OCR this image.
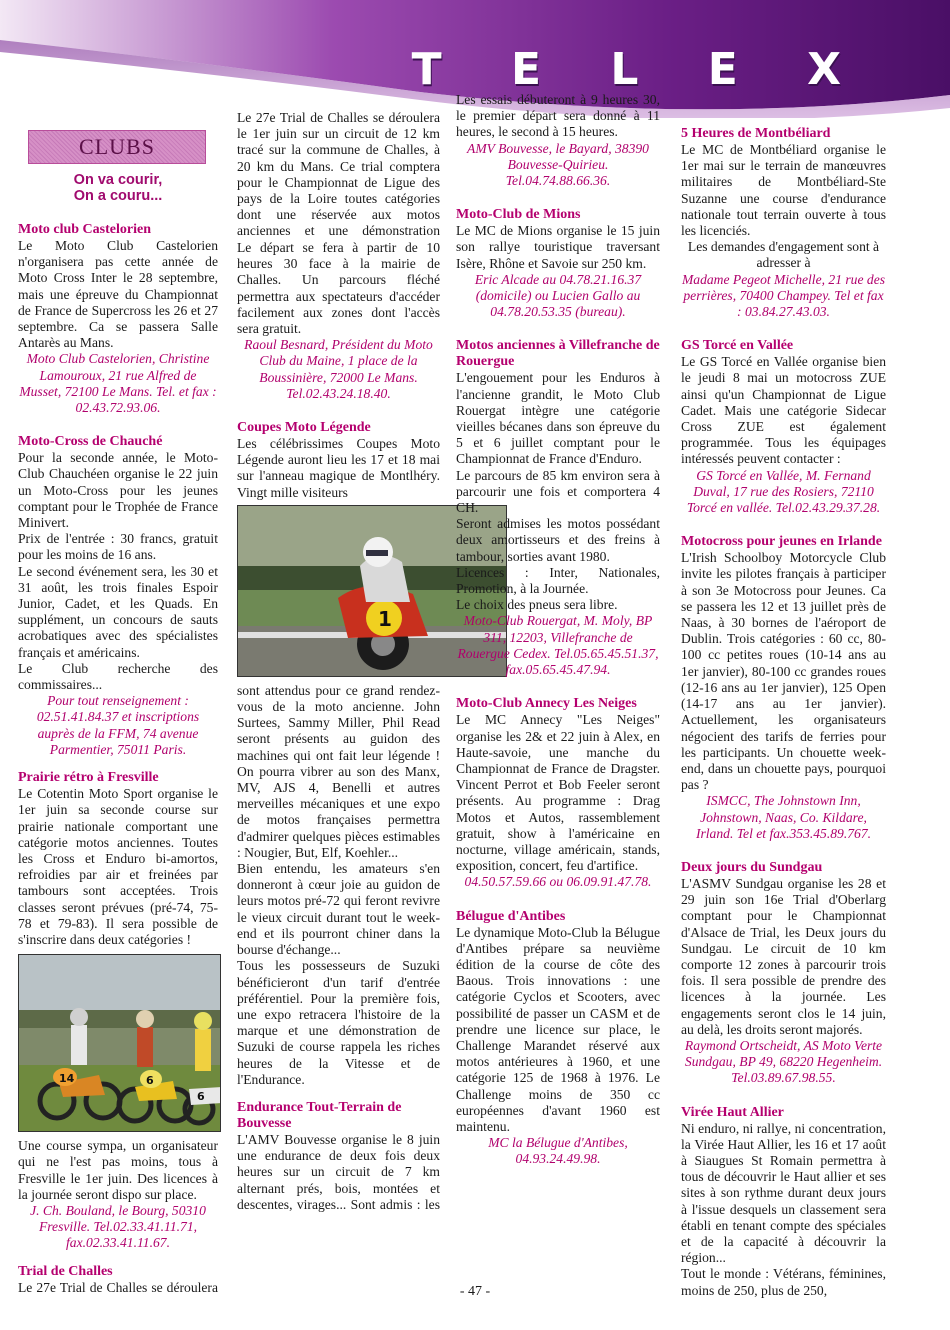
T E L E X
CLUBS
On va courir,
On a couru...
Moto club Castelorien

Le Moto Club Castelorien n'organisera pas cette année de Moto Cross Inter le 28 septembre, mais une épreuve du Championnat de France de Supercross les 26 et 27 septembre. Ca se passera Salle Antarès au Mans.

Moto Club Castelorien, Christine Lamouroux, 21 rue Alfred de Musset, 72100 Le Mans. Tel. et fax : 02.43.72.93.06.

Moto-Cross de Chauché

Pour la seconde année, le Moto-Club Chauchéen organise le 22 juin un Moto-Cross pour les jeunes comptant pour le Trophée de France Minivert.

Prix de l'entrée : 30 francs, gratuit pour les moins de 16 ans.

Le second événement sera, les 30 et 31 août, les trois finales Espoir Junior, Cadet, et les Quads. En supplément, un concours de sauts acrobatiques avec des spécialistes français et américains.

Le Club recherche des commissaires...

Pour tout renseignement : 02.51.41.84.37 et inscriptions auprès de la FFM, 74 avenue Parmentier, 75011 Paris.

Prairie rétro à Fresville

Le Cotentin Moto Sport organise le 1er juin sa seconde course sur prairie nationale comportant une catégorie motos anciennes. Toutes les Cross et Enduro bi-amortos, refroidies par air et freinées par tambours sont acceptées. Trois classes seront prévues (pré-74, 75-78 et 79-83). Il sera possible de s'inscrire dans deux catégories !

14	6
6

Une course sympa, un organisateur qui ne l'est pas moins, tous à Fresville le 1er juin. Des licences à la journée seront dispo sur place.

J. Ch. Bouland, le Bourg, 50310 Fresville. Tel.02.33.41.11.71, fax.02.33.41.11.67.

Trial de Challes

Le 27e Trial de Challes se déroulera

Le 27e Trial de Challes se déroulera le 1er juin sur un circuit de 12 km tracé sur la commune de Challes, à 20 km du Mans. Ce trial comptera pour le Championnat de Ligue des pays de la Loire toutes catégories dont une réservée aux motos anciennes et une démonstration

Le départ se fera à partir de 10 heures 30 face à la mairie de Challes. Un parcours fléché permettra aux spectateurs d'accéder facilement aux zones dont l'accès sera gratuit.

Raoul Besnard, Président du Moto Club du Maine, 1 place de la Boussinière, 72000 Le Mans. Tel.02.43.24.18.40.

Coupes Moto Légende

Les célébrissimes Coupes Moto Légende auront lieu les 17 et 18 mai sur l'anneau magique de Montlhéry. Vingt mille visiteurs

1

sont attendus pour ce grand rendez-vous de la moto ancienne. John Surtees, Sammy Miller, Phil Read seront présents au guidon des machines qui ont fait leur légende ! On pourra vibrer au son des Manx, MV, AJS 4, Benelli et autres merveilles mécaniques et une expo de motos françaises permettra d'admirer quelques pièces estimables : Nougier, But, Elf, Koehler...

Bien entendu, les amateurs s'en donneront à cœur joie au guidon de leurs motos pré-72 qui feront revivre le vieux circuit durant tout le week-end et ils pourront chiner dans la bourse d'échange...

Tous les possesseurs de Suzuki bénéficieront d'un tarif d'entrée préférentiel. Pour la première fois, une expo retracera l'histoire de la marque et une démonstration de Suzuki de course rappela les riches heures de la Vitesse et de l'Endurance.

Endurance Tout-Terrain de Bouvesse

L'AMV Bouvesse organise le 8 juin une endurance de deux fois deux heures sur un circuit de 7 km alternant prés, bois, montées et descentes, virages... Sont admis : les

Les essais débuteront à 9 heures 30, le premier départ sera donné à 11 heures, le second à 15 heures.

AMV Bouvesse, le Bayard, 38390 Bouvesse-Quirieu. Tel.04.74.88.66.36.

Moto-Club de Mions

Le MC de Mions organise le 15 juin son rallye touristique traversant Isère, Rhône et Savoie sur 250 km.

Eric Alcade au 04.78.21.16.37 (domicile) ou Lucien Gallo au 04.78.20.53.35 (bureau).

Motos anciennes à Villefranche de Rouergue

L'engouement pour les Enduros à l'ancienne grandit, le Moto Club Rouergat intègre une catégorie vieilles bécanes dans son épreuve du 5 et 6 juillet comptant pour le Championnat de France d'Enduro.

Le parcours de 85 km environ sera à parcourir une fois et comportera 4 CH.

Seront admises les motos possédant deux amortisseurs et des freins à tambour, sorties avant 1980.

Licences : Inter, Nationales, Promotion, à la Journée.

Le choix des pneus sera libre.

Moto-Club Rouergat, M. Moly, BP 311, 12203, Villefranche de Rouergue Cedex. Tel.05.65.45.51.37, fax.05.65.45.47.94.

Moto-Club Annecy Les Neiges

Le MC Annecy "Les Neiges" organise les 2& et 22 juin à Alex, en Haute-savoie, une manche du Championnat de France de Dragster. Vincent Perrot et Bob Feeler seront présents. Au programme : Drag Motos et Autos, rassemblement gratuit, show à l'américaine en nocturne, village américain, stands, exposition, concert, feu d'artifice.

04.50.57.59.66 ou 06.09.91.47.78.

Bélugue d'Antibes

Le dynamique Moto-Club la Bélugue d'Antibes prépare sa neuvième édition de la course de côte des Baous. Trois innovations : une catégorie Cyclos et Scooters, avec possibilité de passer un CASM et de prendre une licence sur place, le Challenge Marandet réservé aux motos antérieures à 1960, et une catégorie 125 de 1968 à 1976. Le Challenge moins de 350 cc européennes d'avant 1960 est maintenu.

MC la Bélugue d'Antibes, 04.93.24.49.98.

5 Heures de Montbéliard

Le MC de Montbéliard organise le 1er mai sur le terrain de manœuvres militaires de Montbéliard-Ste Suzanne une course d'endurance nationale tout terrain ouverte à tous les licenciés.

Les demandes d'engagement sont à adresser à

Madame Pegeot Michelle, 21 rue des perrières, 70400 Champey. Tel et fax : 03.84.27.43.03.

GS Torcé en Vallée

Le GS Torcé en Vallée organise bien le jeudi 8 mai un motocross ZUE ainsi qu'un Championnat de Ligue Cadet. Mais une catégorie Sidecar Cross ZUE est également programmée. Tous les équipages intéressés peuvent contacter :

GS Torcé en Vallée, M. Fernand Duval, 17 rue des Rosiers, 72110 Torcé en vallée. Tel.02.43.29.37.28.

Motocross pour jeunes en Irlande

L'Irish Schoolboy Motorcycle Club invite les pilotes français à participer à son 3e Motocross pour Jeunes. Ca se passera les 12 et 13 juillet près de Naas, à 30 bornes de l'aéroport de Dublin. Trois catégories : 60 cc, 80-100 cc petites roues (10-14 ans au 1er janvier), 80-100 cc grandes roues (12-16 ans au 1er janvier), 125 Open (14-17 ans au 1er janvier). Actuellement, les organisateurs négocient des tarifs de ferries pour les participants. Un chouette week-end, dans un chouette pays, pourquoi pas ?

ISMCC, The Johnstown Inn, Johnstown, Naas, Co. Kildare, Irland. Tel et fax.353.45.89.767.

Deux jours du Sundgau

L'ASMV Sundgau organise les 28 et 29 juin son 16e Trial d'Oberlarg comptant pour le Championnat d'Alsace de Trial, les Deux jours du Sundgau. Le circuit de 10 km comporte 12 zones à parcourir trois fois. Il sera possible de prendre des licences à la journée. Les engagements seront clos le 14 juin, au delà, les droits seront majorés.

Raymond Ortscheidt, AS Moto Verte Sundgau, BP 49, 68220 Hegenheim. Tel.03.89.67.98.55.

Virée Haut Allier

Ni enduro, ni rallye, ni concentration, la Virée Haut Allier, les 16 et 17 août à Siaugues St Romain permettra à tous de découvrir le Haut allier et ses sites à son rythme durant deux jours à l'issue desquels un classement sera établi en tenant compte des spéciales et de la capacité à découvrir la région...

Tout le monde : Vétérans, féminines, moins de 250, plus de 250,

- 47 -
